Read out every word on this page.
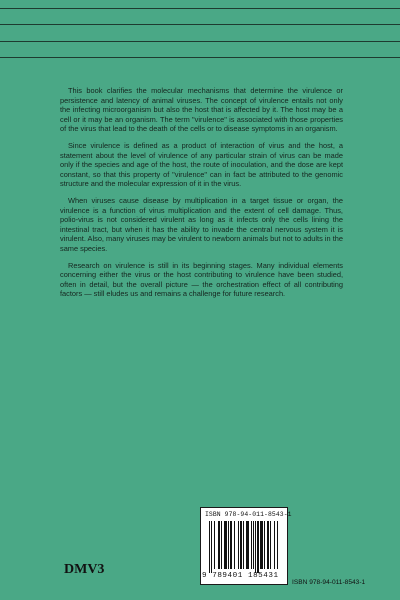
This book clarifies the molecular mechanisms that determine the virulence or persistence and latency of animal viruses. The concept of virulence entails not only the infecting microorganism but also the host that is affected by it. The host may be a cell or it may be an organism. The term "virulence" is associated with those properties of the virus that lead to the death of the cells or to disease symptoms in an organism.

Since virulence is defined as a product of interaction of virus and the host, a statement about the level of virulence of any particular strain of virus can be made only if the species and age of the host, the route of inoculation, and the dose are kept constant, so that this property of "virulence" can in fact be attributed to the genomic structure and the molecular expression of it in the virus.

When viruses cause disease by multiplication in a target tissue or organ, the virulence is a function of virus multiplication and the extent of cell damage. Thus, polio-virus is not considered virulent as long as it infects only the cells lining the intestinal tract, but when it has the ability to invade the central nervous system it is virulent. Also, many viruses may be virulent to newborn animals but not to adults in the same species.

Research on virulence is still in its beginning stages. Many individual elements concerning either the virus or the host contributing to virulence have been studied, often in detail, but the overall picture — the orchestration effect of all contributing factors — still eludes us and remains a challenge for future research.

ISBN 978-94-011-8543-1
9 789401 185431
DMV3
ISBN 978-94-011-8543-1
